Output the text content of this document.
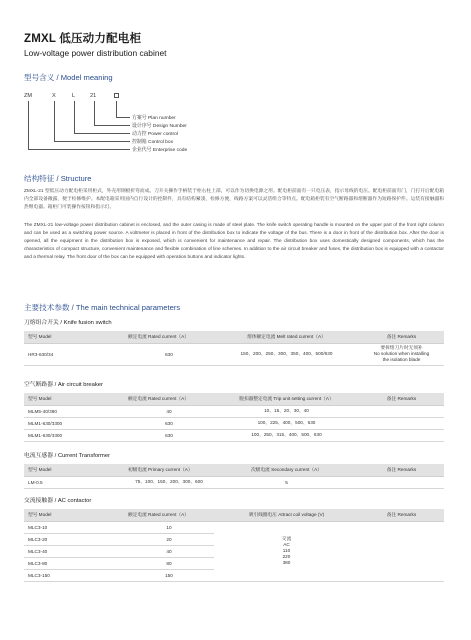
ZMXL 低压动力配电柜
Low-voltage power distribution cabinet
型号含义 / Model meaning
ZM	X	L	21
方案号 Plan number
设计序号 Design Number
动力控 Power control
控制箱 Control box
企业代号 Enterprise code
结构特征 / Structure
ZMXL-21 型低压动力配电柜采用柜式，外壳用钢板折弯而成。刀开关操作手柄装于柜右柱上部，可以作为切换电源之用。配电柜前面有一只电压表，指示母线的电压。配电柜前面有门，门打开后配电箱内全部设备敞露，便于检修维护。本配电箱采用国内自行设计的控制件，具有结构紧凑，检修方便，线路方案可以灵活组合等特点。配电箱柜装有空气断路器和熔断器作为短路保护件。运装有接触器和热继电器。箱柜门可装操作按钮和指示灯。
The ZMXL-21 low-voltage power distribution cabinet is enclosed, and the outer casing is made of steel plate. The knife switch operating handle is mounted on the upper part of the front right column and can be used as a switching power source. A voltmeter is placed in front of the distribution box to indicate the voltage of the bus. There is a door in front of the distribution box. After the door is opened, all the equipment in the distribution box is exposed, which is convenient for maintenance and repair. The distribution box uses domestically designed components, which has the characteristics of compact structure, convenient maintenance and flexible combination of line schemes. In addition to the air circuit breaker and fuses, the distribution box is equipped with a contactor and a thermal relay. The front door of the box can be equipped with operation buttons and indicator lights.
主要技术参数 / The main technical parameters
刀熔组合开关 / Knife fusion switch
型号 Model	额定电流 Rated current（A）	熔体额定电流 Melt rated current（A）	备注 Remarks
HR3-630/34	630	150、200、250、300、350、400、500/630	要拆熔刀片时无须补
No solution when installing
the isolation blade
空气断路器 / Air circuit breaker
型号 Model	额定电流 Rated current（A）	脱扣器整定电流 Trip unit setting current（A）	备注 Remarks
MLM5-40/390	40	10、15、20、30、40	
MLM1-630/3300	630	100、225、400、500、630	
MLM1-630/3300	630	100、250、315、400、500、630	
电流互感器 / Current Transformer
型号 Model	初级电流 Primary current（A）	次级电流 Secondary current（A）	备注 Remarks
LM-0.5	75、100、150、200、300、600	5	
交流接触器 / AC contactor
型号 Model	额定电流 Rated current（A）	吸引线圈电压 Attract coil voltage (V)	备注 Remarks
MLC3-10	10	交流
AC
110
220
380	
MLC3-20	20		
MLC3-40	40		
MLC3-80	80		
MLC3-150	150		
